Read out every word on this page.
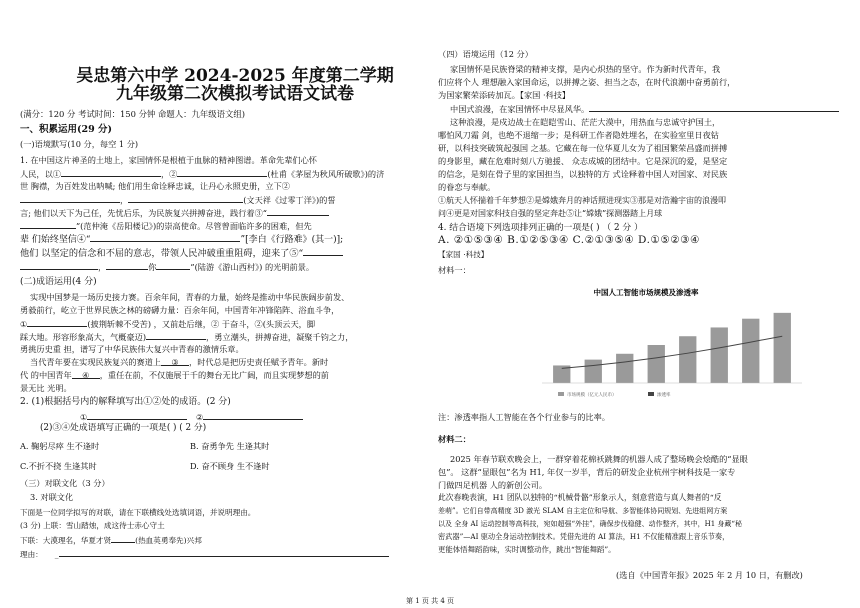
吴忠第六中学 2024-2025 年度第二学期
九年级第二次模拟考试语文试卷
(满分：120 分 考试时间：150 分钟 命题人：九年级语文组)
一、积累运用(29 分)
(一)语境默写(10 分，每空 1 分)
1. 在中国这片神圣的土地上，家国情怀是根植于血脉的精神图谱。革命先辈们心怀
人民，以①	，②	(杜甫《茅屋为秋风所破歌》)的济
世 胸襟，为百姓发出呐喊; 他们用生命诠释忠诚，让丹心永照史册，立下②
，	(文天祥《过零丁洋》)的誓
言; 他们以天下为己任，先忧后乐，为民族复兴拼搏奋进，践行着③“
”(范仲淹《岳阳楼记》)的崇高使命。尽管曾面临许多的困难，但先
辈 们始终坚信④“	”[李白《行路难》(其一)];
他们 以坚定的信念和不屈的意志，带领人民冲破重重阻碍，迎来了⑤“
，	你	”(陆游《游山西村》) 的光明前景。
(二)成语运用(4 分)
实现中国梦是一场历史接力赛。百余年间，青春的力量，始终是推动中华民族阔步前发、
勇毅前行，屹立于世界民族之林的磅礴力量：百余年间，中国青年冲锋陷阵、浴血斗争，
①	(披荆斩棘不受苦) ，又前赴后继，② 于奋斗，②(头顶云天，脚
踩大地。形容形象高大，气概豪迈)	，勇立潮头，拼搏奋进，凝聚千钧之力，
勇挑历史重 担，谱写了中华民族伟大复兴中青春的激情乐章。
当代青年要在实现民族复兴的赛道上 ③ ，时代总是把历史责任赋予青年。新时
代 的中国青年 ④ ，重任在前，不仅施展于千的舞台无比广阔，而且实现梦想的前
景无比 光明。
2. (1)根据括号内的解释填写出①②处的成语。(2 分)
①	②
(2)③④处成语填写正确的一项是( ) ( 2 分)
A. 鞠躬尽瘁 生不逢时	B. 奋勇争先 生逢其时
C.不折不挠 生逢其时	D. 奋不顾身 生不逢时
（三）对联文化（3 分）
3. 对联文化
下面是一位同学拟写的对联，请在下联横线处选填词语，并说明理由。
(3 分) 上联：雪山踏烛，成这待士赤心守土
下联：大漠理名，华夏才贤	(热血英勇奉先)兴邦
理由： _
（四）语境运用（12 分）
家国情怀是民族脊梁的精神支撑，是内心炽热的坚守。作为新时代青年，我
们应将个人 理想融入家国命运，以拼搏之姿、担当之态，在时代浪潮中奋勇前行，
为国家繁荣添砖加瓦。【家国 ·科技】
中国式浪漫，在家国情怀中尽显风华。
这种浪漫，是戍边战士在皑皑雪山、茫茫大漠中，用热血与忠诚守护国土，
哪怕风刀霜 剑，也绝不退缩一步；是科研工作者隐姓埋名，在实验室里日夜钻
研，以科技突破筑起强国 之基。它藏在每一位华夏儿女为了祖国繁荣昌盛而拼搏
的身影里，藏在危难时刻八方驰援、 众志成城的团结中。它是深沉的爱，是坚定
的信念，是刻在骨子里的家国担当，以独特的方 式诠释着中国人对国家、对民族
的眷恋与奉献。
①航天人怀揣着千年梦想②是嫦娥奔月的神话照进现实③那是对浩瀚宇宙的浪漫叩
问④更是对国家科技自强的坚定奔赴⑤让“嫦娥”探测器踏上月球
4. 结合语境下列选项排列正确的一项是( ) （ 2 分 ）
A. ②①⑤③④ B.①②⑤③④ C.②①③⑤④ D.①⑤②③④
【家国 ·科技】
材料一：
中国人工智能市场规模及渗透率
市场规模（亿元人民币）	渗透率
注：渗透率指人工智能在各个行业参与的比率。
材料二：
2025 年春节联欢晚会上，一群穿着花棉袄跳舞的机器人成了整场晚会烩酷的“显眼
包”。 这群“显眼包”名为 H1, 年仅一岁半，背后的研发企业杭州宇树科技是一家专
门做四足机器 人的新创公司。
此次春晚表演，H1 团队以独特的“机械骨骼”形象示人，刻意营造与真人舞者的“反
差萌”。它们自带高精度 3D 激光 SLAM 自主定位和导航、多智能体协同规划、先进组网方案
以及 全身 AI 运动控制等高科技，宛如超强“外挂”，确保步伐稳健、动作整齐，其中，H1 身藏“秘
密武器”—AI 驱动全身运动控制技术。凭借先进的 AI 算法，H1 不仅能精准跟上音乐节奏，
更能体悟舞蹈韵味，实时调整动作，跳出“智能舞蹈”。
(选自《中国青年报》2025 年 2 月 10 日，有删改)
第 1 页 共 4 页
